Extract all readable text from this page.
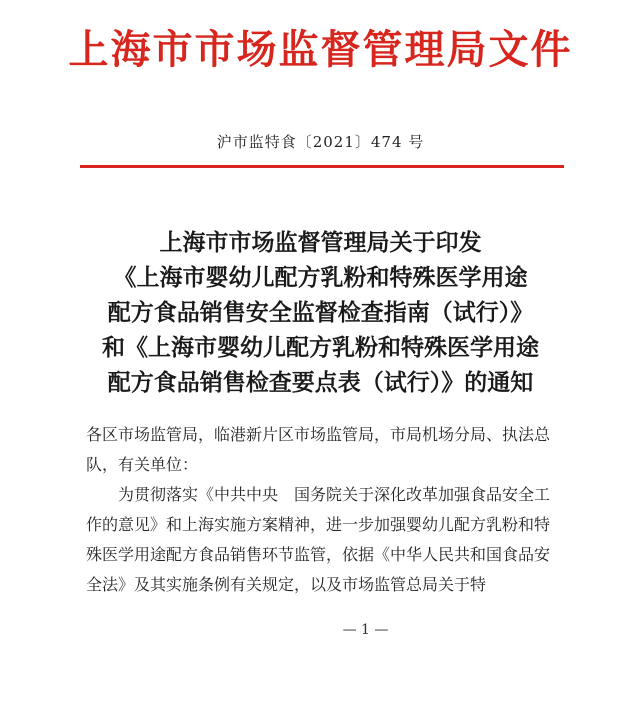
上海市市场监督管理局文件
沪市监特食〔2021〕474 号
上海市市场监督管理局关于印发
《上海市婴幼儿配方乳粉和特殊医学用途
配方食品销售安全监督检查指南（试行）》
和《上海市婴幼儿配方乳粉和特殊医学用途
配方食品销售检查要点表（试行）》的通知

各区市场监管局，临港新片区市场监管局，市局机场分局、执法总队，有关单位：

为贯彻落实《中共中央　国务院关于深化改革加强食品安全工作的意见》和上海实施方案精神，进一步加强婴幼儿配方乳粉和特殊医学用途配方食品销售环节监管，依据《中华人民共和国食品安全法》及其实施条例有关规定，以及市场监管总局关于特

— 1 —
